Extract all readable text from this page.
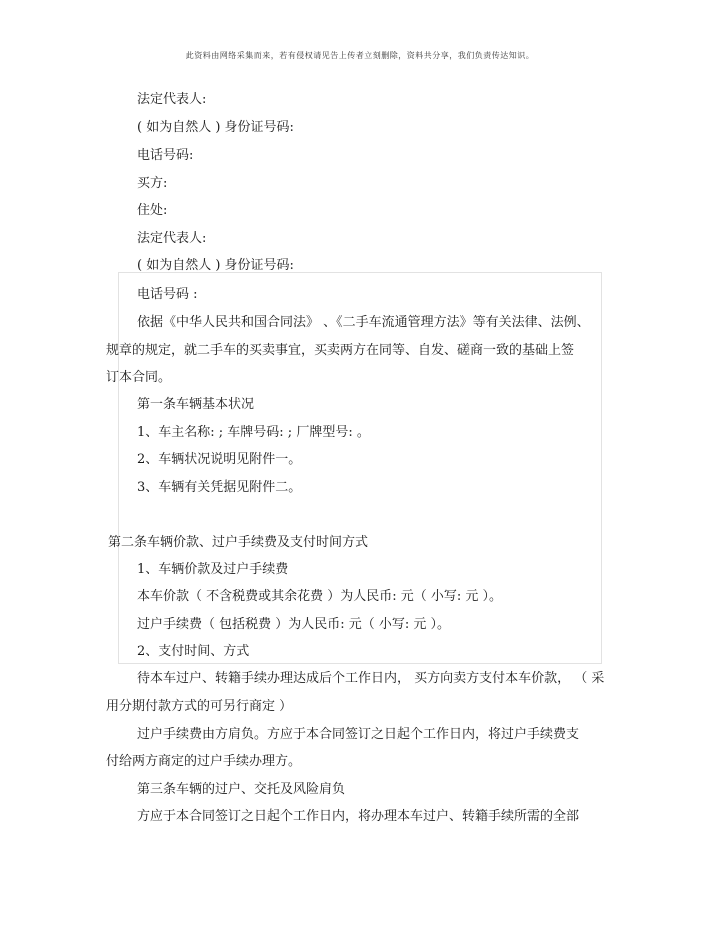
此资料由网络采集而来，若有侵权请见告上传者立刻删除，资料共分享，我们负责传达知识。
法定代表人:
( 如为自然人 ) 身份证号码:
电话号码:
买方:
住处:
法定代表人:
( 如为自然人 ) 身份证号码:
电话号码 :
依据《中华人民共和国合同法》 、《二手车流通管理方法》等有关法律、法例、
规章的规定，就二手车的买卖事宜，买卖两方在同等、自发、磋商一致的基础上签
订本合同。
第一条车辆基本状况
1、车主名称: ; 车牌号码: ; 厂牌型号: 。
2、车辆状况说明见附件一。
3、车辆有关凭据见附件二。
第二条车辆价款、过户手续费及支付时间方式
1、车辆价款及过户手续费
本车价款（ 不含税费或其余花费 ）为人民币: 元（ 小写: 元 ）。
过户手续费（ 包括税费 ）为人民币: 元（ 小写: 元 ）。
2、支付时间、方式
待本车过户、转籍手续办理达成后个工作日内， 买方向卖方支付本车价款， （ 采
用分期付款方式的可另行商定 ）
过户手续费由方肩负。方应于本合同签订之日起个工作日内，将过户手续费支
付给两方商定的过户手续办理方。
第三条车辆的过户、交托及风险肩负
方应于本合同签订之日起个工作日内，将办理本车过户、转籍手续所需的全部
